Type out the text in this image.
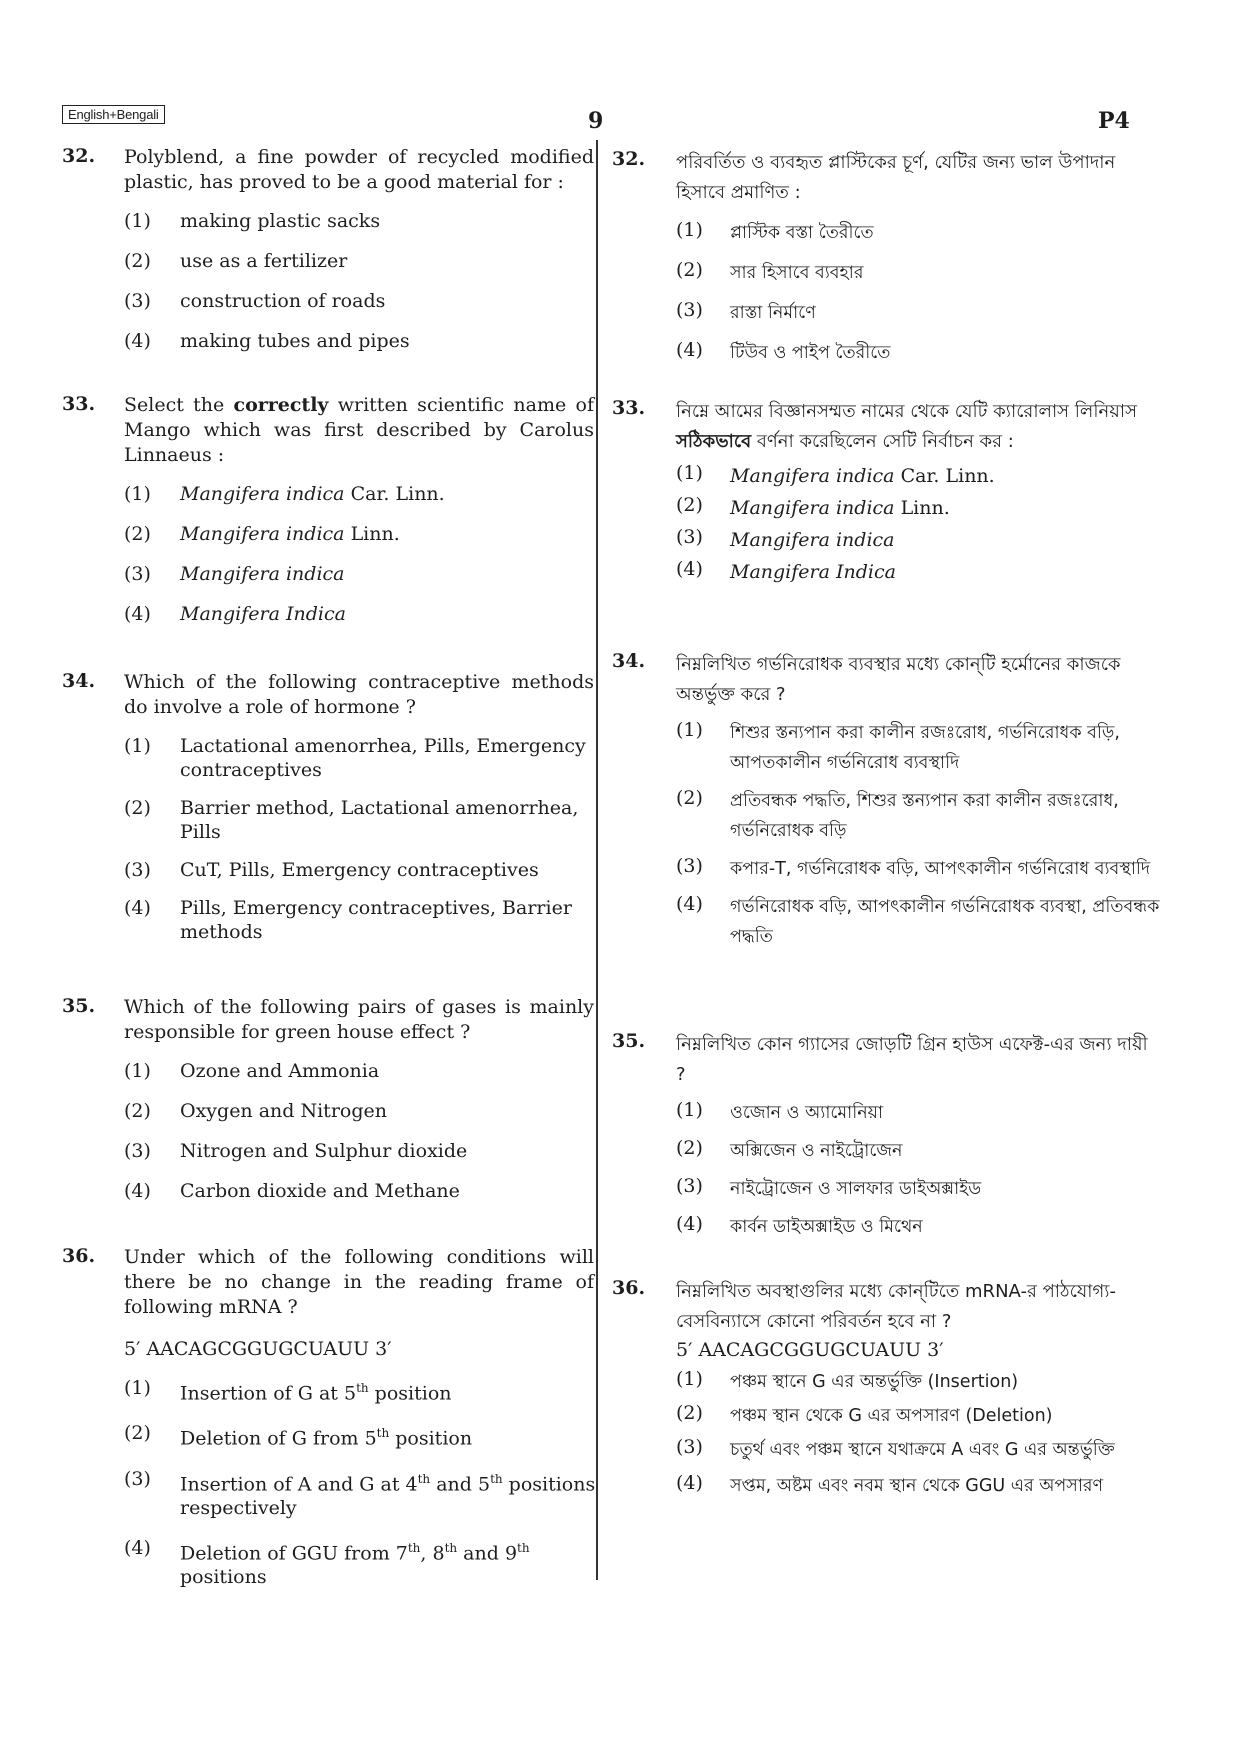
English+Bengali	9	P4
32. Polyblend, a fine powder of recycled modified plastic, has proved to be a good material for :
(1) making plastic sacks
(2) use as a fertilizer
(3) construction of roads
(4) making tubes and pipes
33. Select the correctly written scientific name of Mango which was first described by Carolus Linnaeus :
(1) Mangifera indica Car. Linn.
(2) Mangifera indica Linn.
(3) Mangifera indica
(4) Mangifera Indica
34. Which of the following contraceptive methods do involve a role of hormone ?
(1) Lactational amenorrhea, Pills, Emergency contraceptives
(2) Barrier method, Lactational amenorrhea, Pills
(3) CuT, Pills, Emergency contraceptives
(4) Pills, Emergency contraceptives, Barrier methods
35. Which of the following pairs of gases is mainly responsible for green house effect ?
(1) Ozone and Ammonia
(2) Oxygen and Nitrogen
(3) Nitrogen and Sulphur dioxide
(4) Carbon dioxide and Methane
36. Under which of the following conditions will there be no change in the reading frame of following mRNA ?
5′ AACAGCGGUGCUAUU 3′
(1) Insertion of G at 5th position
(2) Deletion of G from 5th position
(3) Insertion of A and G at 4th and 5th positions respectively
(4) Deletion of GGU from 7th, 8th and 9th positions
32. পরিবর্তিত ও ব্যবহৃত প্লাস্টিকের চূর্ণ, যেটির জন্য ভাল উপাদান হিসাবে প্রমাণিত :
(1) প্লাস্টিক বস্তা তৈরীতে
(2) সার হিসাবে ব্যবহার
(3) রাস্তা নির্মাণে
(4) টিউব ও পাইপ তৈরীতে
33. নিম্নে আমের বিজ্ঞানসম্মত নামের থেকে যেটি ক্যারোলাস লিনিয়াস সঠিকভাবে বর্ণনা করেছিলেন সেটি নির্বাচন কর :
(1) Mangifera indica Car. Linn.
(2) Mangifera indica Linn.
(3) Mangifera indica
(4) Mangifera Indica
34. নিম্নলিখিত গর্ভনিরোধক ব্যবস্থার মধ্যে কোন্‌টি হর্মোনের কাজকে অন্তর্ভুক্ত করে ?
(1) শিশুর স্তন্যপান করা কালীন রজঃরোধ, গর্ভনিরোধক বড়ি, আপতকালীন গর্ভনিরোধ ব্যবস্থাদি
(2) প্রতিবন্ধক পদ্ধতি, শিশুর স্তন্যপান করা কালীন রজঃরোধ, গর্ভনিরোধক বড়ি
(3) কপার-T, গর্ভনিরোধক বড়ি, আপৎকালীন গর্ভনিরোধ ব্যবস্থাদি
(4) গর্ভনিরোধক বড়ি, আপৎকালীন গর্ভনিরোধক ব্যবস্থা, প্রতিবন্ধক পদ্ধতি
35. নিম্নলিখিত কোন গ্যাসের জোড়টি গ্রিন হাউস এফেক্ট-এর জন্য দায়ী ?
(1) ওজোন ও অ্যামোনিয়া
(2) অক্সিজেন ও নাইট্রোজেন
(3) নাইট্রোজেন ও সালফার ডাইঅক্সাইড
(4) কার্বন ডাইঅক্সাইড ও মিথেন
36. নিম্নলিখিত অবস্থাগুলির মধ্যে কোন্‌টিতে mRNA-র পাঠযোগ্য-বেসবিন্যাসে কোনো পরিবর্তন হবে না ?
5′ AACAGCGGUGCUAUU 3′
(1) পঞ্চম স্থানে G এর অন্তর্ভুক্তি (Insertion)
(2) পঞ্চম স্থান থেকে G এর অপসারণ (Deletion)
(3) চতুর্থ এবং পঞ্চম স্থানে যথাক্রমে A এবং G এর অন্তর্ভুক্তি
(4) সপ্তম, অষ্টম এবং নবম স্থান থেকে GGU এর অপসারণ
